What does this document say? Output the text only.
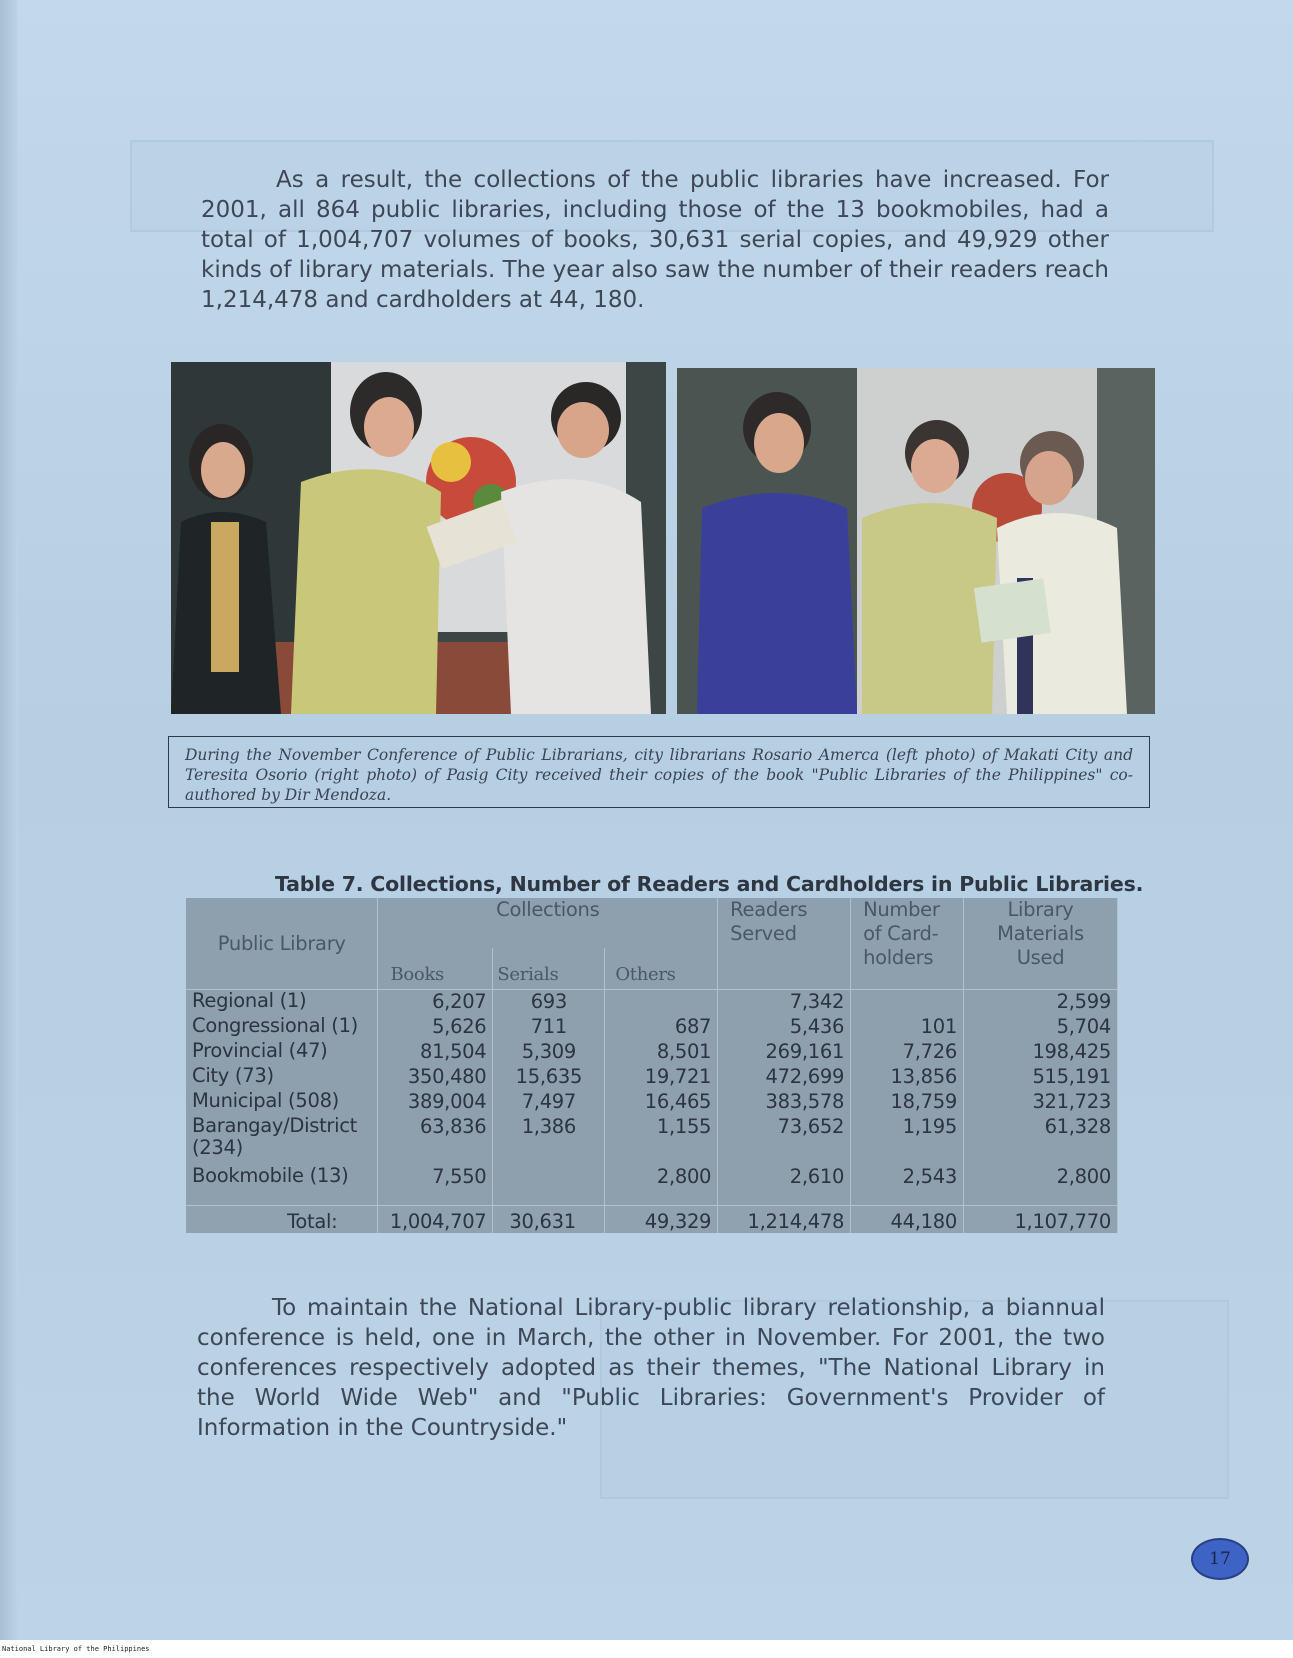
As a result, the collections of the public libraries have increased. For 2001, all 864 public libraries, including those of the 13 bookmobiles, had a total of 1,004,707 volumes of books, 30,631 serial copies, and 49,929 other kinds of library materials. The year also saw the number of their readers reach 1,214,478 and cardholders at 44, 180.

During the November Conference of Public Librarians, city librarians Rosario Amerca (left photo) of Makati City and Teresita Osorio (right photo) of Pasig City received their copies of the book "Public Libraries of the Philippines" co-authored by Dir Mendoza.
Table 7. Collections, Number of Readers and Cardholders in Public Libraries.
Public Library	Collections			Readers Served	Number of Card-holders	Library Materials Used
	Books	Serials	Others			
Regional (1)	6,207	693		7,342		2,599
Congressional (1)	5,626	711	687	5,436	101	5,704
Provincial (47)	81,504	5,309	8,501	269,161	7,726	198,425
City (73)	350,480	15,635	19,721	472,699	13,856	515,191
Municipal (508)	389,004	7,497	16,465	383,578	18,759	321,723
Barangay/District (234)	63,836	1,386	1,155	73,652	1,195	61,328
Bookmobile (13)	7,550		2,800	2,610	2,543	2,800
Total:	1,004,707	30,631	49,329	1,214,478	44,180	1,107,770

To maintain the National Library-public library relationship, a biannual conference is held, one in March, the other in November. For 2001, the two conferences respectively adopted as their themes, "The National Library in the World Wide Web" and "Public Libraries: Government's Provider of Information in the Countryside."

17
National Library of the Philippines
